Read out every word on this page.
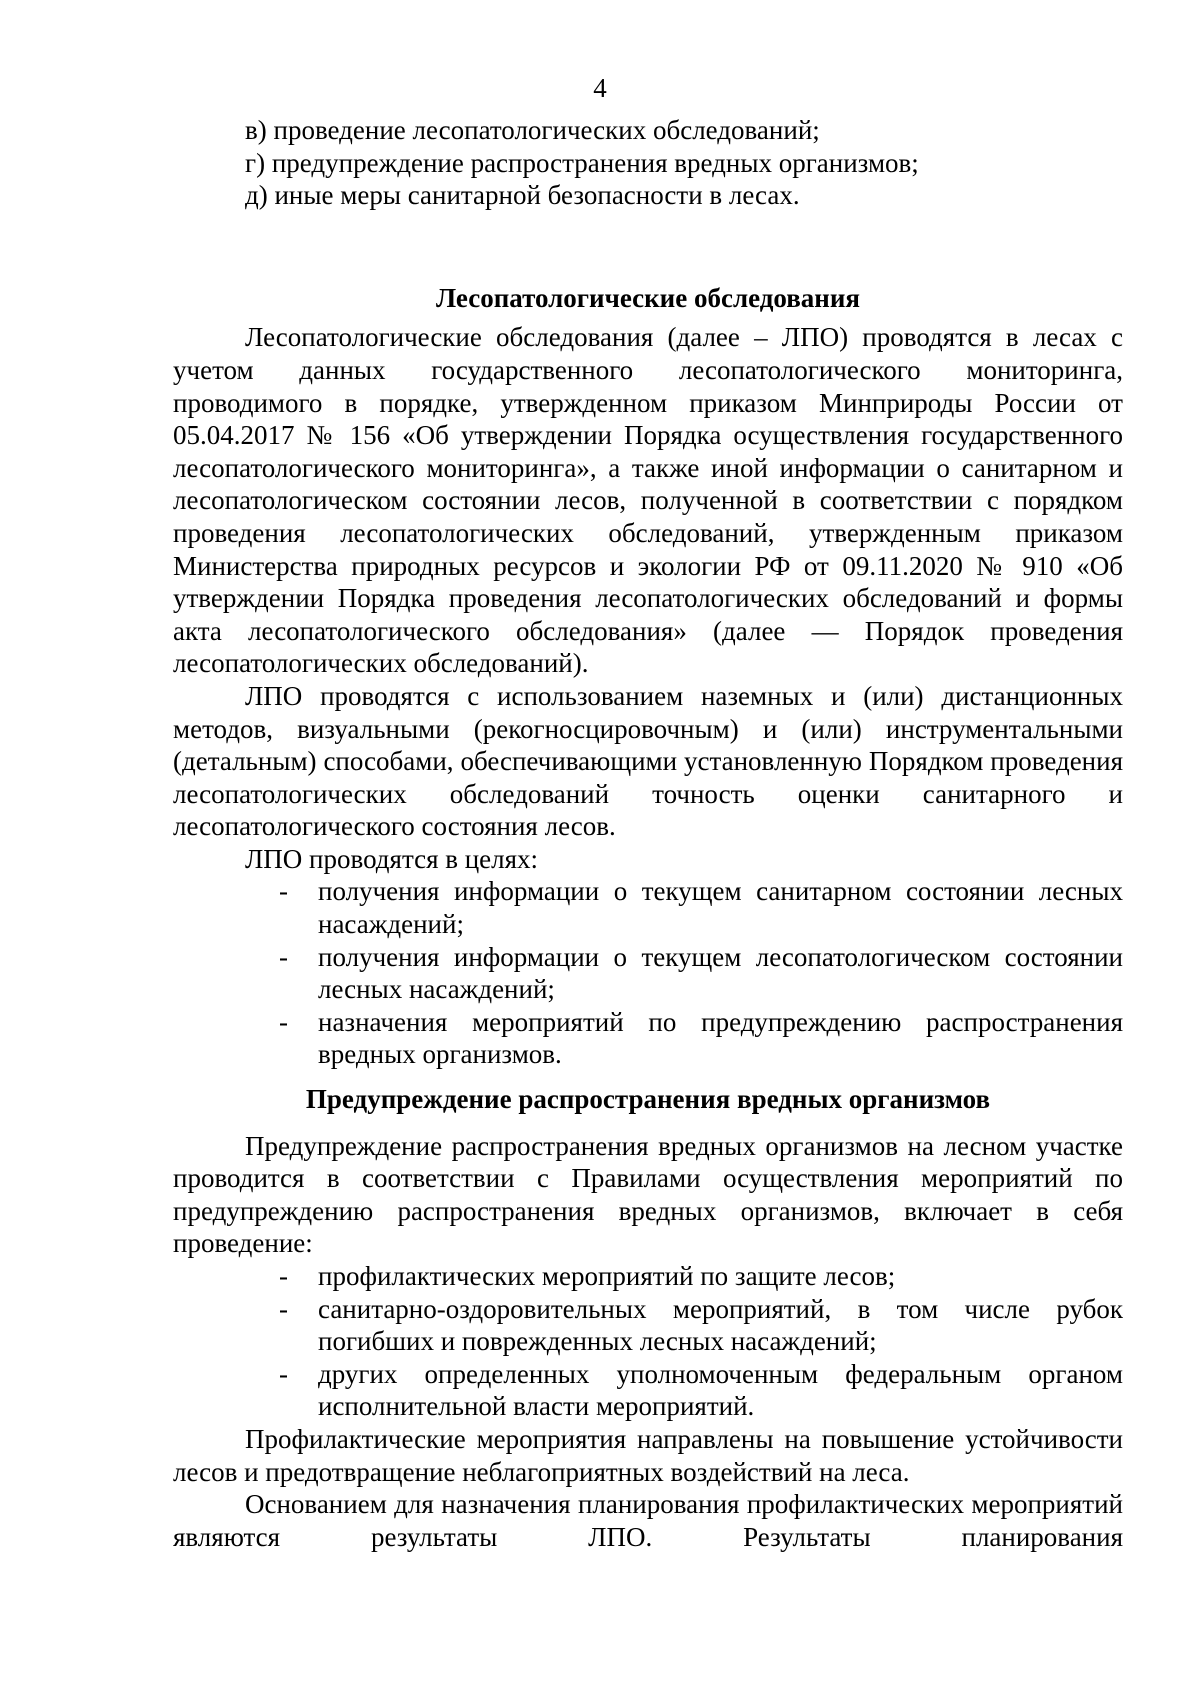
4

в) проведение лесопатологических обследований;

г) предупреждение распространения вредных организмов;

д) иные меры санитарной безопасности в лесах.

Лесопатологические обследования

Лесопатологические обследования (далее – ЛПО) проводятся в лесах с учетом данных государственного лесопатологического мониторинга, проводимого в порядке, утвержденном приказом Минприроды России от 05.04.2017 № 156 «Об утверждении Порядка осуществления государственного лесопатологического мониторинга», а также иной информации о санитарном и лесопатологическом состоянии лесов, полученной в соответствии с порядком проведения лесопатологических обследований, утвержденным приказом Министерства природных ресурсов и экологии РФ от 09.11.2020 № 910 «Об утверждении Порядка проведения лесопатологических обследований и формы акта лесопатологического обследования» (далее — Порядок проведения лесопатологических обследований).

ЛПО проводятся с использованием наземных и (или) дистанционных методов, визуальными (рекогносцировочным) и (или) инструментальными (детальным) способами, обеспечивающими установленную Порядком проведения лесопатологических обследований точность оценки санитарного и лесопатологического состояния лесов.

ЛПО проводятся в целях:

- получения информации о текущем санитарном состоянии лесных насаждений;
- получения информации о текущем лесопатологическом состоянии лесных насаждений;
- назначения мероприятий по предупреждению распространения вредных организмов.

Предупреждение распространения вредных организмов

Предупреждение распространения вредных организмов на лесном участке проводится в соответствии с Правилами осуществления мероприятий по предупреждению распространения вредных организмов, включает в себя проведение:

- профилактических мероприятий по защите лесов;
- санитарно-оздоровительных мероприятий, в том числе рубок погибших и поврежденных лесных насаждений;
- других определенных уполномоченным федеральным органом исполнительной власти мероприятий.

Профилактические мероприятия направлены на повышение устойчивости лесов и предотвращение неблагоприятных воздействий на леса.

Основанием для назначения планирования профилактических мероприятий являются результаты ЛПО. Результаты планирования
